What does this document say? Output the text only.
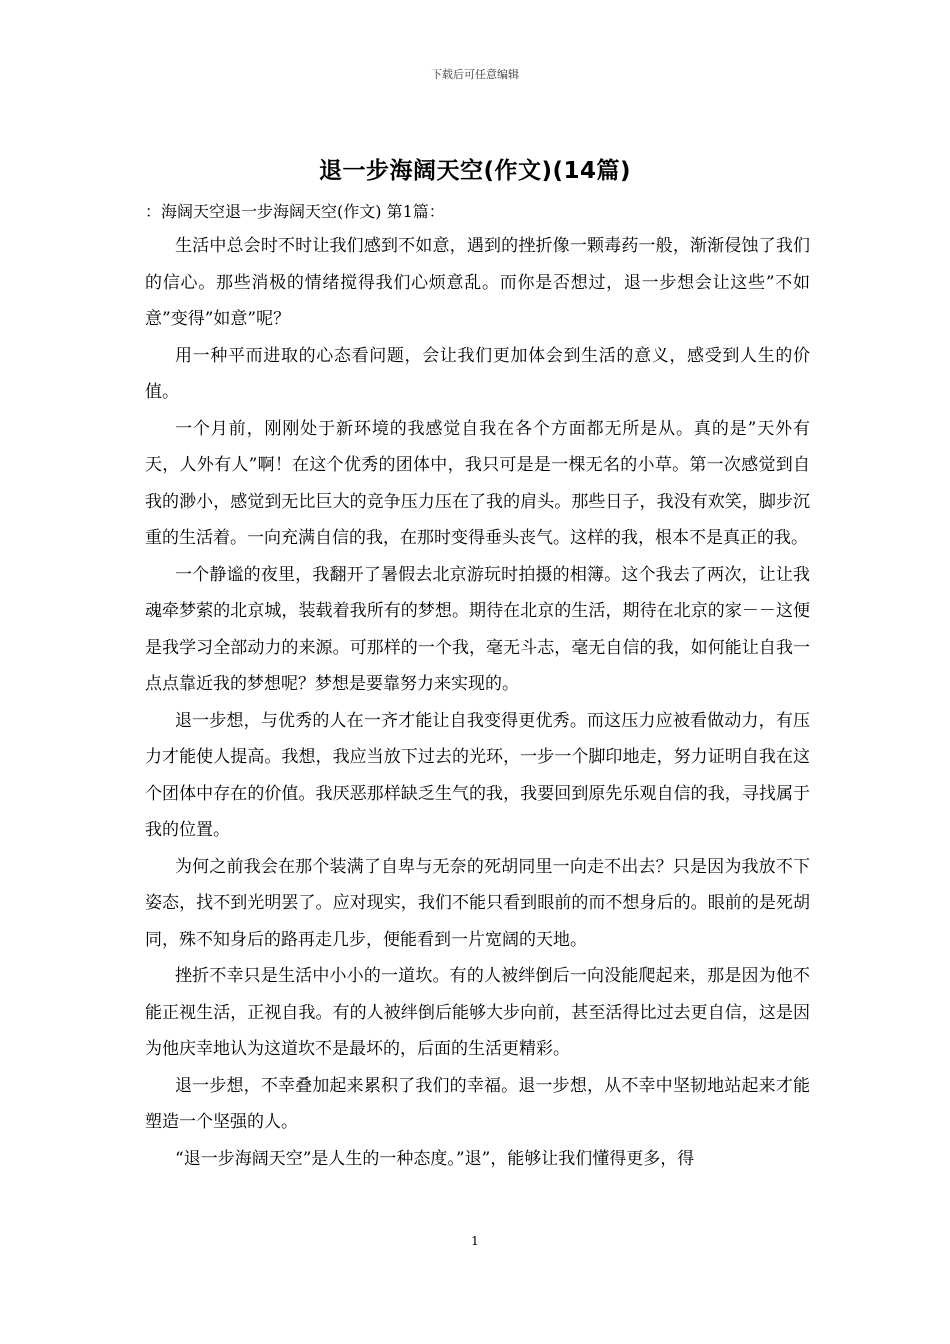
下载后可任意编辑
退一步海阔天空(作文)(14篇)

：海阔天空退一步海阔天空(作文) 第1篇：

生活中总会时不时让我们感到不如意，遇到的挫折像一颗毒药一般，渐渐侵蚀了我们的信心。那些消极的情绪搅得我们心烦意乱。而你是否想过，退一步想会让这些”不如意”变得”如意”呢？

用一种平而进取的心态看问题，会让我们更加体会到生活的意义，感受到人生的价值。

一个月前，刚刚处于新环境的我感觉自我在各个方面都无所是从。真的是”天外有天，人外有人”啊！在这个优秀的团体中，我只可是是一棵无名的小草。第一次感觉到自我的渺小，感觉到无比巨大的竞争压力压在了我的肩头。那些日子，我没有欢笑，脚步沉重的生活着。一向充满自信的我，在那时变得垂头丧气。这样的我，根本不是真正的我。

一个静谧的夜里，我翻开了暑假去北京游玩时拍摄的相簿。这个我去了两次，让让我魂牵梦萦的北京城，装载着我所有的梦想。期待在北京的生活，期待在北京的家－－这便是我学习全部动力的来源。可那样的一个我，毫无斗志，毫无自信的我，如何能让自我一点点靠近我的梦想呢？梦想是要靠努力来实现的。

退一步想，与优秀的人在一齐才能让自我变得更优秀。而这压力应被看做动力，有压力才能使人提高。我想，我应当放下过去的光环，一步一个脚印地走，努力证明自我在这个团体中存在的价值。我厌恶那样缺乏生气的我，我要回到原先乐观自信的我，寻找属于我的位置。

为何之前我会在那个装满了自卑与无奈的死胡同里一向走不出去？只是因为我放不下姿态，找不到光明罢了。应对现实，我们不能只看到眼前的而不想身后的。眼前的是死胡同，殊不知身后的路再走几步，便能看到一片宽阔的天地。

挫折不幸只是生活中小小的一道坎。有的人被绊倒后一向没能爬起来，那是因为他不能正视生活，正视自我。有的人被绊倒后能够大步向前，甚至活得比过去更自信，这是因为他庆幸地认为这道坎不是最坏的，后面的生活更精彩。

退一步想，不幸叠加起来累积了我们的幸福。退一步想，从不幸中坚韧地站起来才能塑造一个坚强的人。

“退一步海阔天空”是人生的一种态度。”退”，能够让我们懂得更多，得

1
